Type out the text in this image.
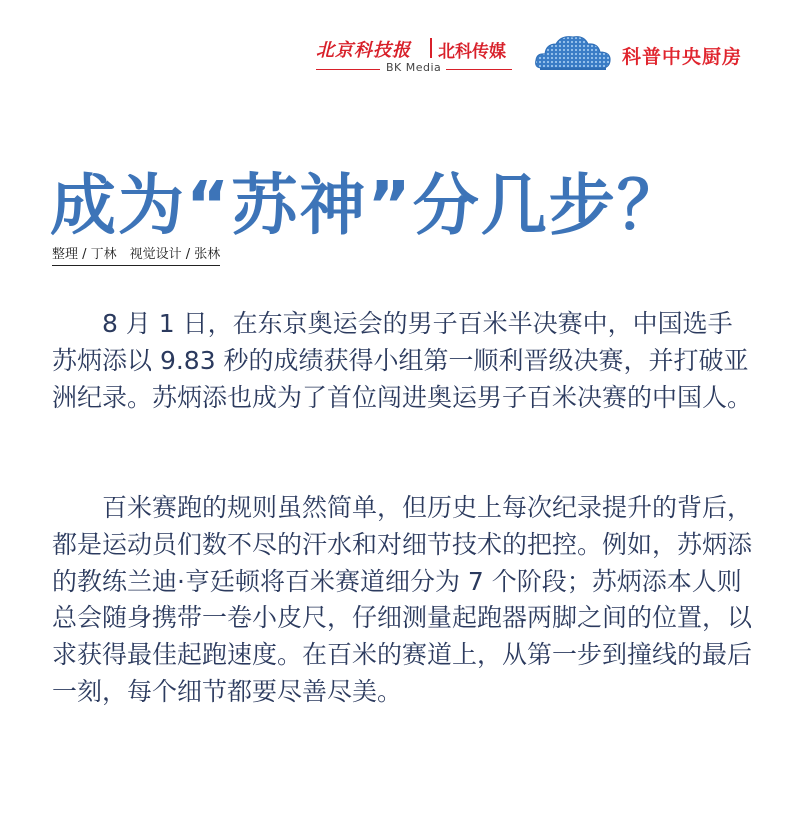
北京科技报 北科传媒
BK Media	科普中央厨房
成为“苏神”分几步？
整理 / 丁林　视觉设计 / 张林

8 月 1 日，在东京奥运会的男子百米半决赛中，中国选手苏炳添以 9.83 秒的成绩获得小组第一顺利晋级决赛，并打破亚洲纪录。苏炳添也成为了首位闯进奥运男子百米决赛的中国人。

百米赛跑的规则虽然简单，但历史上每次纪录提升的背后，都是运动员们数不尽的汗水和对细节技术的把控。例如，苏炳添的教练兰迪·亨廷顿将百米赛道细分为 7 个阶段；苏炳添本人则总会随身携带一卷小皮尺，仔细测量起跑器两脚之间的位置，以求获得最佳起跑速度。在百米的赛道上，从第一步到撞线的最后一刻，每个细节都要尽善尽美。
